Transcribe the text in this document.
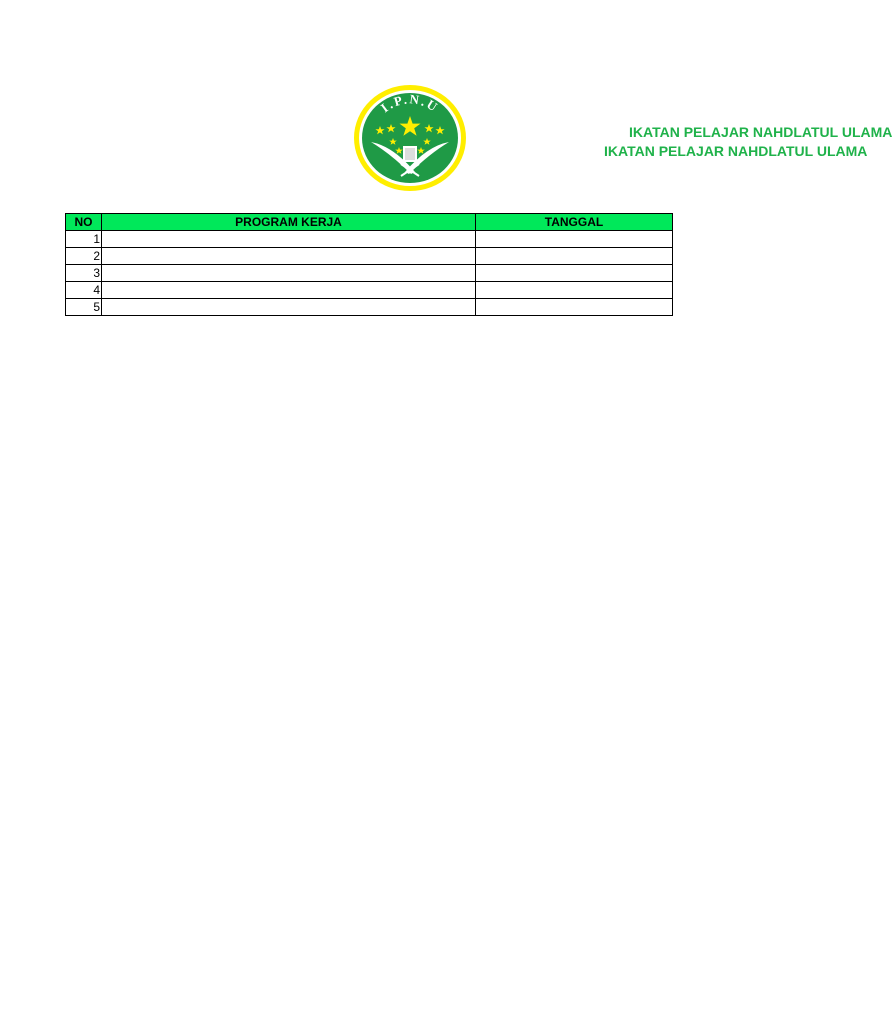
I.P.N.U
IKATAN PELAJAR NAHDLATUL ULAMA
IKATAN PELAJAR NAHDLATUL ULAMA
NO	PROGRAM KERJA	TANGGAL
1		
2		
3		
4		
5		
